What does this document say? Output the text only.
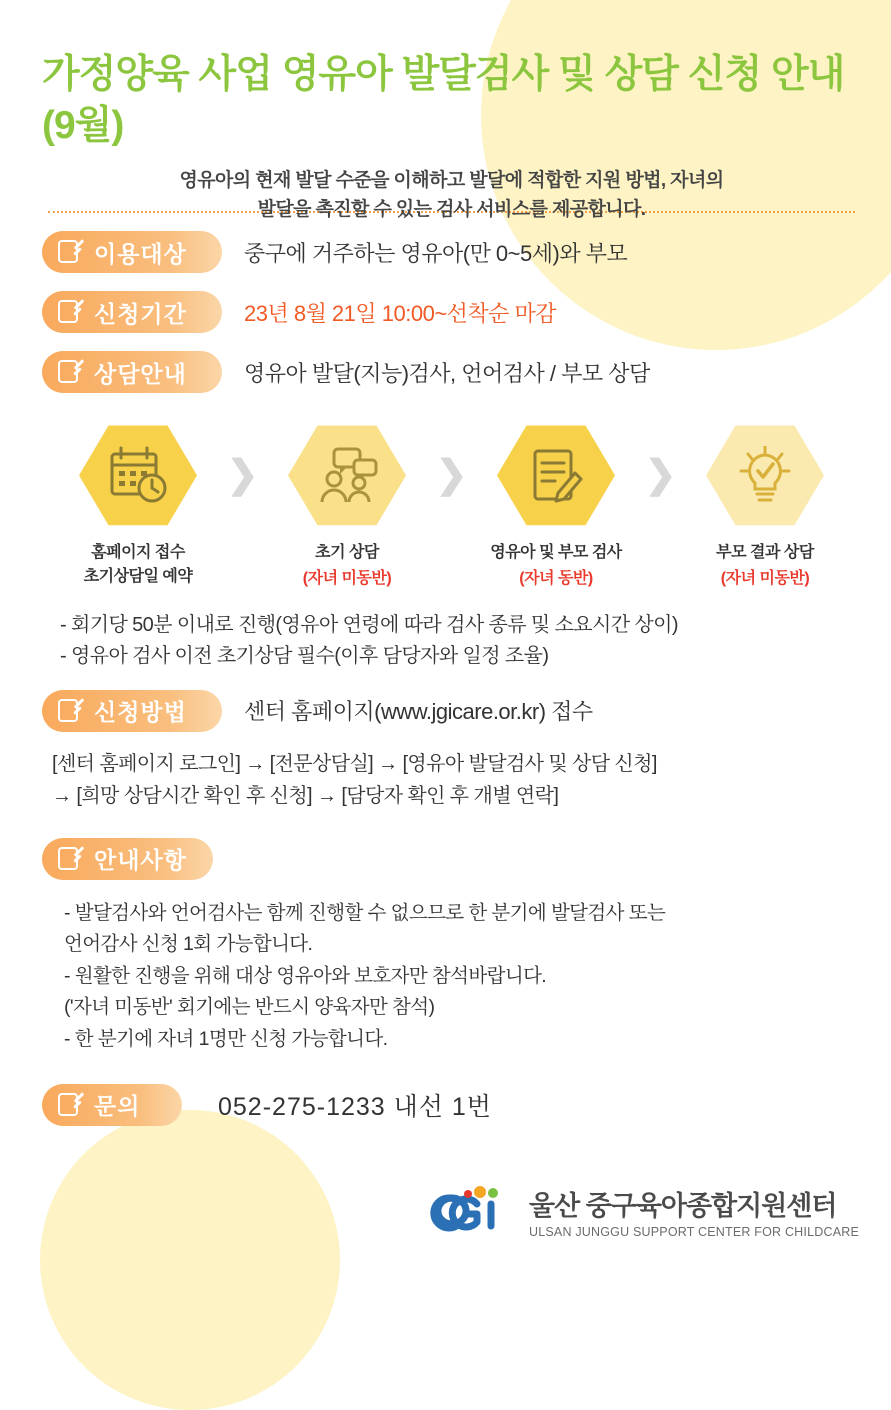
가정양육 사업 영유아 발달검사 및 상담 신청 안내(9월)
영유아의 현재 발달 수준을 이해하고 발달에 적합한 지원 방법, 자녀의
발달을 촉진할 수 있는 검사 서비스를 제공합니다.
이용대상	중구에 거주하는 영유아(만 0~5세)와 부모
신청기간	23년 8월 21일 10:00~선착순 마감
상담안내	영유아 발달(지능)검사, 언어검사 / 부모 상담
홈페이지 접수
초기상담일 예약
❯
초기 상담
(자녀 미동반)
❯
영유아 및 부모 검사
(자녀 동반)
❯
부모 결과 상담
(자녀 미동반)
- 회기당 50분 이내로 진행(영유아 연령에 따라 검사 종류 및 소요시간 상이)
- 영유아 검사 이전 초기상담 필수(이후 담당자와 일정 조율)
신청방법	센터 홈페이지(www.jgicare.or.kr) 접수
[센터 홈페이지 로그인] → [전문상담실] → [영유아 발달검사 및 상담 신청]
→ [희망 상담시간 확인 후 신청] → [담당자 확인 후 개별 연락]
안내사항
- 발달검사와 언어검사는 함께 진행할 수 없으므로 한 분기에 발달검사 또는
언어감사 신청 1회 가능합니다.
- 원활한 진행을 위해 대상 영유아와 보호자만 참석바랍니다.
('자녀 미동반' 회기에는 반드시 양육자만 참석)
- 한 분기에 자녀 1명만 신청 가능합니다.
문의	052-275-1233 내선 1번
울산 중구육아종합지원센터
ULSAN JUNGGU SUPPORT CENTER FOR CHILDCARE
